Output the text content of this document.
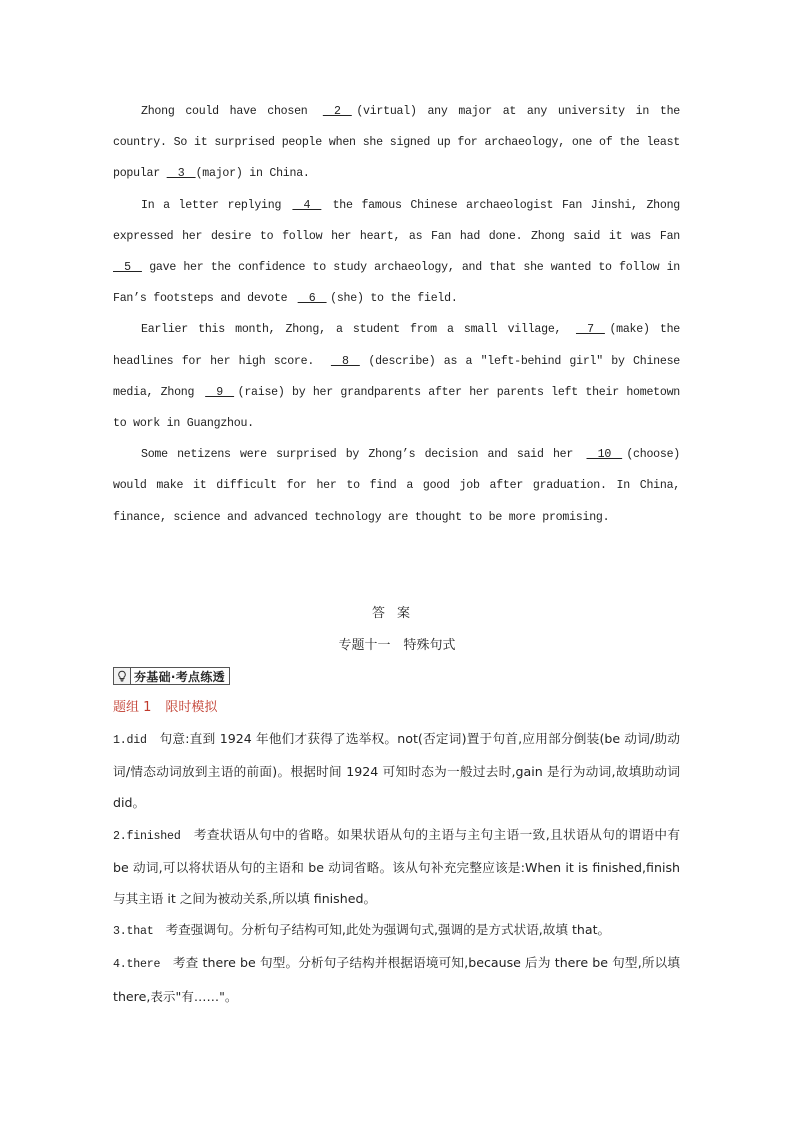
Zhong could have chosen   2  (virtual) any major at any university in the country. So it surprised people when she signed up for archaeology, one of the least popular   3  (major) in China.

In a letter replying   4   the famous Chinese archaeologist Fan Jinshi, Zhong expressed her desire to follow her heart, as Fan had done. Zhong said it was Fan   5   gave her the confidence to study archaeology, and that she wanted to follow in Fan’s footsteps and devote   6  (she) to the field.

Earlier this month, Zhong, a student from a small village,   7  (make) the headlines for her high score.   8  (describe) as a "left-behind girl" by Chinese media, Zhong   9  (raise) by her grandparents after her parents left their hometown to work in Guangzhou.

Some netizens were surprised by Zhong’s decision and said her   10  (choose) would make it difficult for her to find a good job after graduation. In China, finance, science and advanced technology are thought to be more promising.

答案
专题十一　特殊句式
夯基础·考点练透
题组 1 限时模拟

1.did 句意:直到 1924 年他们才获得了选举权。not(否定词)置于句首,应用部分倒装(be 动词/助动词/情态动词放到主语的前面)。根据时间 1924 可知时态为一般过去时,gain 是行为动词,故填助动词 did。

2.finished 考查状语从句中的省略。如果状语从句的主语与主句主语一致,且状语从句的谓语中有 be 动词,可以将状语从句的主语和 be 动词省略。该从句补充完整应该是:When it is finished,finish 与其主语 it 之间为被动关系,所以填 finished。

3.that 考查强调句。分析句子结构可知,此处为强调句式,强调的是方式状语,故填 that。

4.there 考查 there be 句型。分析句子结构并根据语境可知,because 后为 there be 句型,所以填 there,表示"有……"。
